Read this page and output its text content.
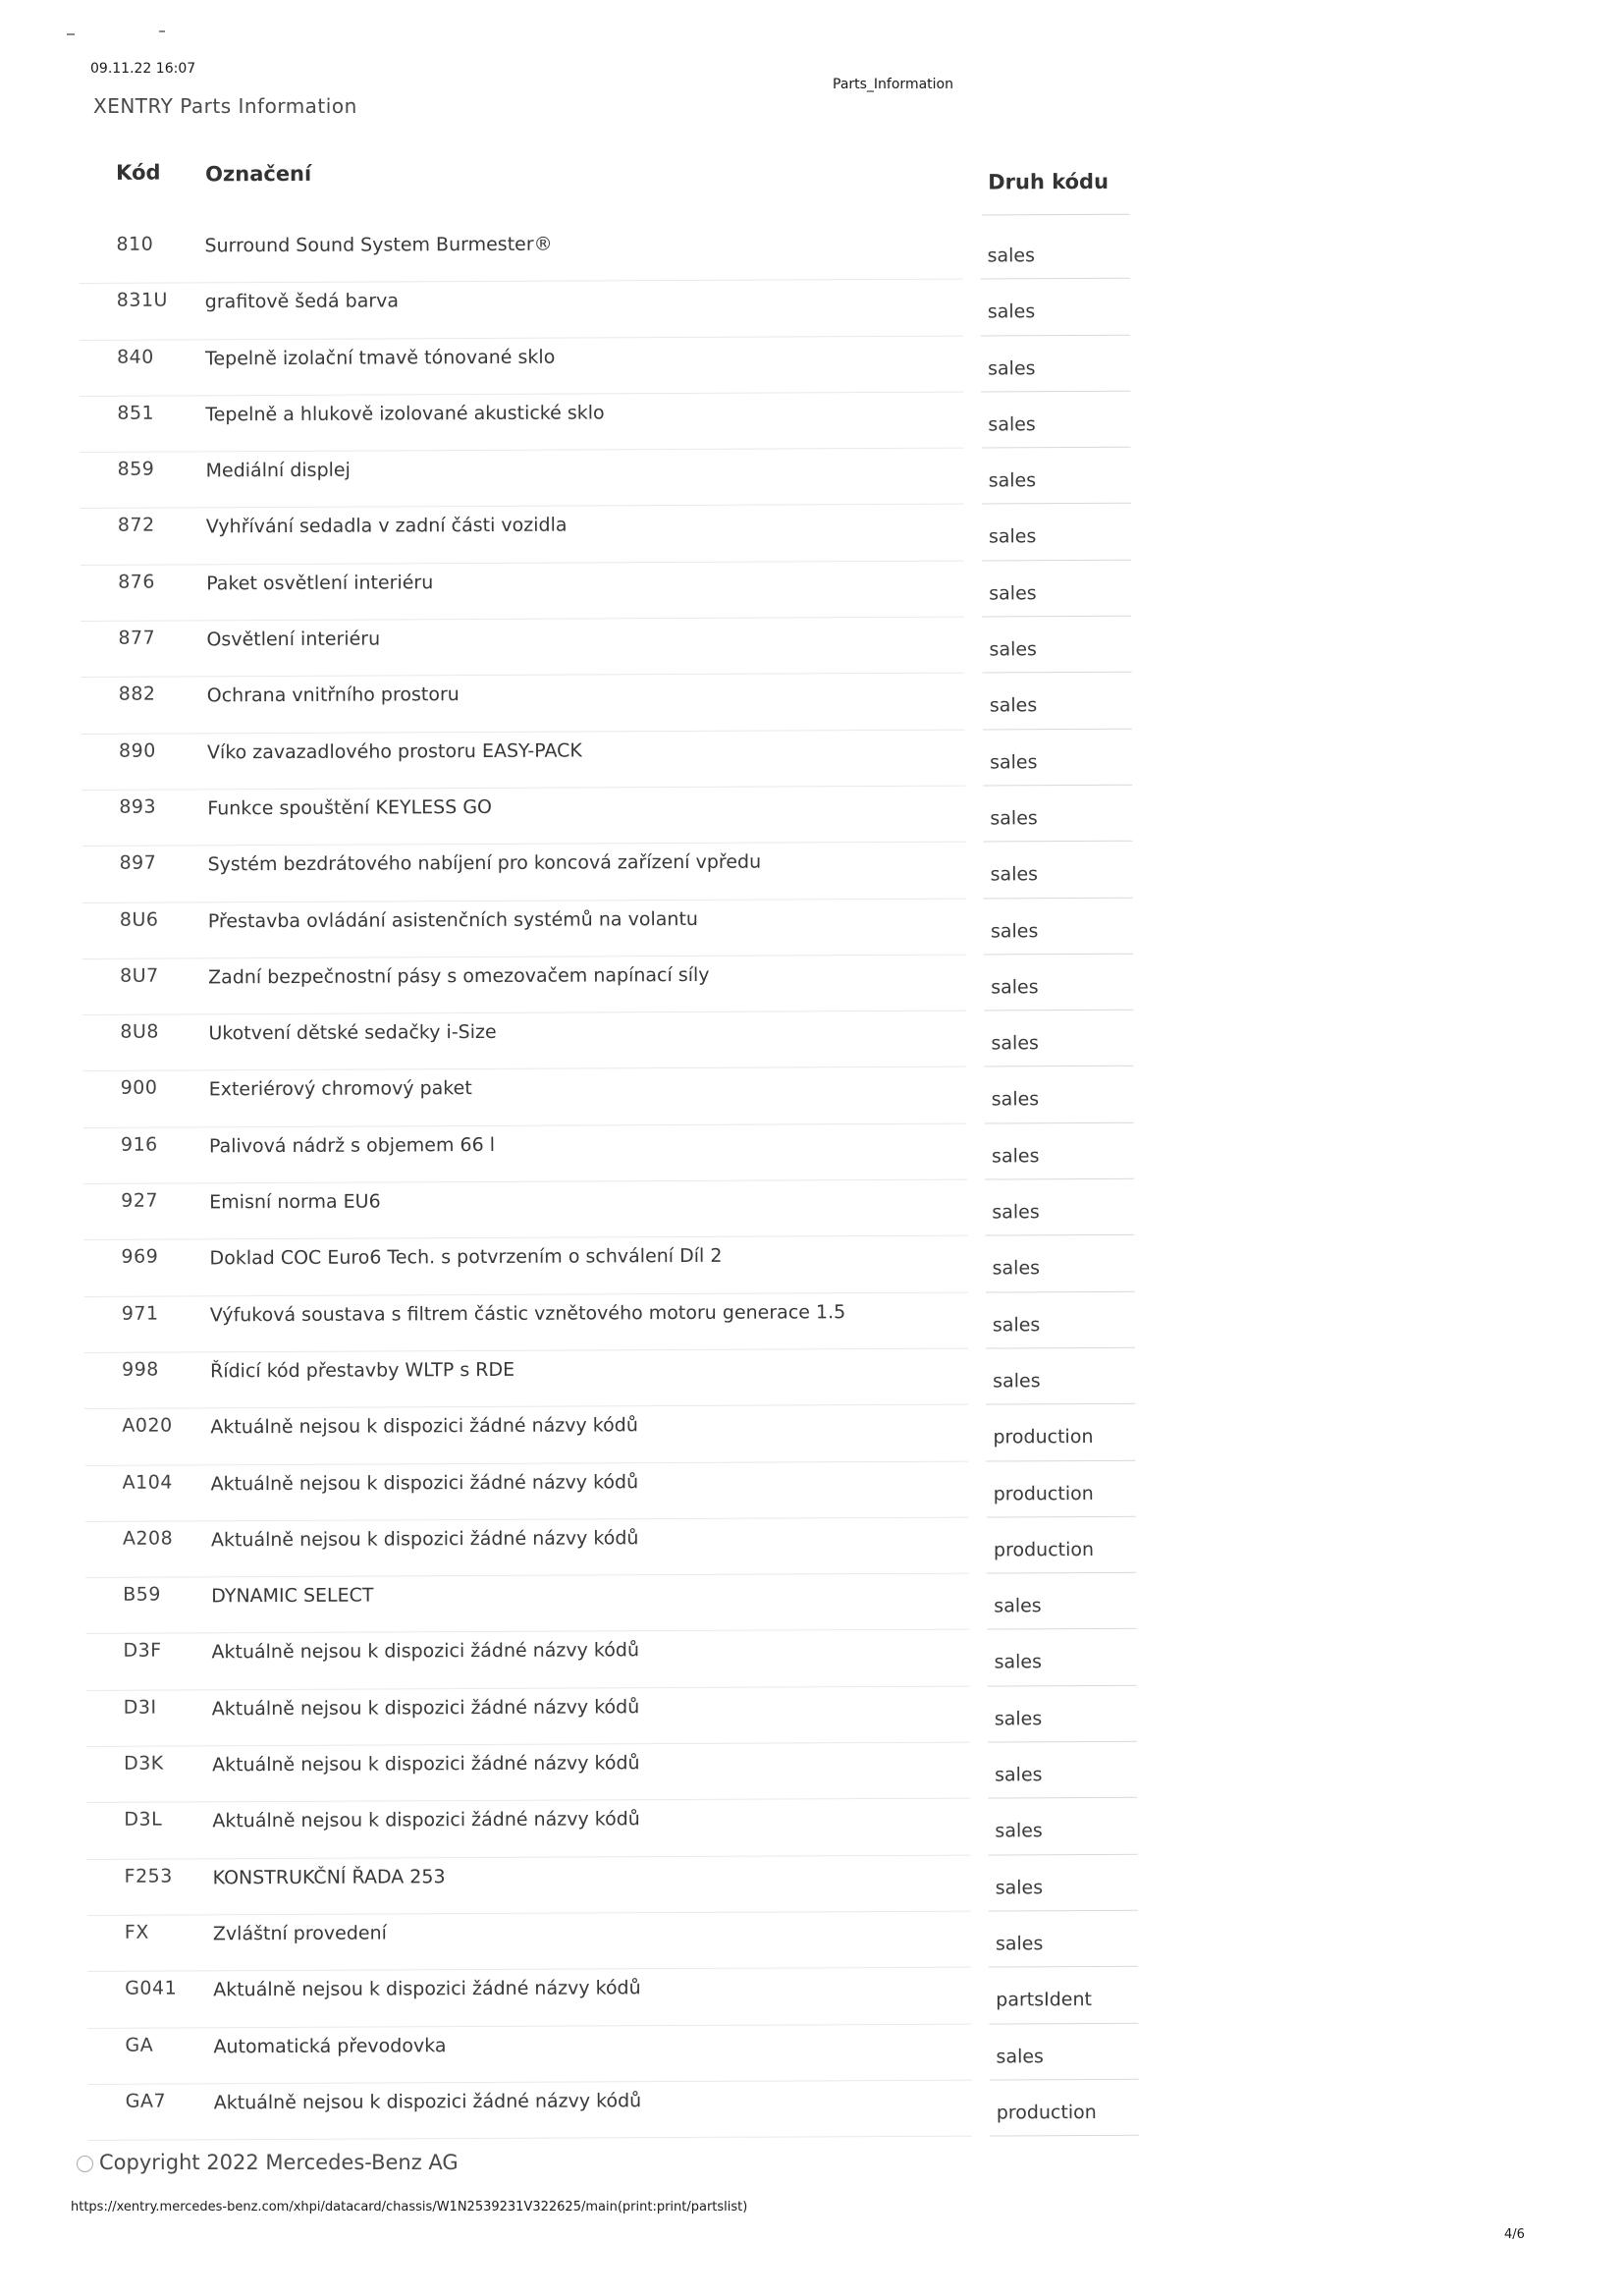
09.11.22 16:07
Parts_Information
XENTRY Parts Information
Kód Označení	Druh kódu
810	Surround Sound System Burmester®	sales
831U grafitově šedá barva	sales
840	Tepelně izolační tmavě tónované sklo	sales
851	Tepelně a hlukově izolované akustické sklo	sales
859	Mediální displej	sales
872	Vyhřívání sedadla v zadní části vozidla	sales
876	Paket osvětlení interiéru	sales
877	Osvětlení interiéru	sales
882	Ochrana vnitřního prostoru	sales
890	Víko zavazadlového prostoru EASY-PACK	sales
893	Funkce spouštění KEYLESS GO	sales
897	Systém bezdrátového nabíjení pro koncová zařízení vpředu	sales
8U6	Přestavba ovládání asistenčních systémů na volantu	sales
8U7	Zadní bezpečnostní pásy s omezovačem napínací síly	sales
8U8	Ukotvení dětské sedačky i-Size	sales
900	Exteriérový chromový paket	sales
916	Palivová nádrž s objemem 66 l	sales
927	Emisní norma EU6	sales
969	Doklad COC Euro6 Tech. s potvrzením o schválení Díl 2	sales
971	Výfuková soustava s filtrem částic vznětového motoru generace 1.5	sales
998	Řídicí kód přestavby WLTP s RDE	sales
A020 Aktuálně nejsou k dispozici žádné názvy kódů	production
A104 Aktuálně nejsou k dispozici žádné názvy kódů	production
A208 Aktuálně nejsou k dispozici žádné názvy kódů	production
B59	DYNAMIC SELECT	sales
D3F	Aktuálně nejsou k dispozici žádné názvy kódů	sales
D3I	Aktuálně nejsou k dispozici žádné názvy kódů	sales
D3K	Aktuálně nejsou k dispozici žádné názvy kódů	sales
D3L	Aktuálně nejsou k dispozici žádné názvy kódů	sales
F253 KONSTRUKČNÍ ŘADA 253	sales
FX	Zvláštní provedení	sales
G041 Aktuálně nejsou k dispozici žádné názvy kódů	partsIdent
GA	Automatická převodovka	sales
GA7	Aktuálně nejsou k dispozici žádné názvy kódů	production
Copyright 2022 Mercedes-Benz AG
https://xentry.mercedes-benz.com/xhpi/datacard/chassis/W1N2539231V322625/main(print:print/partslist)
4/6
